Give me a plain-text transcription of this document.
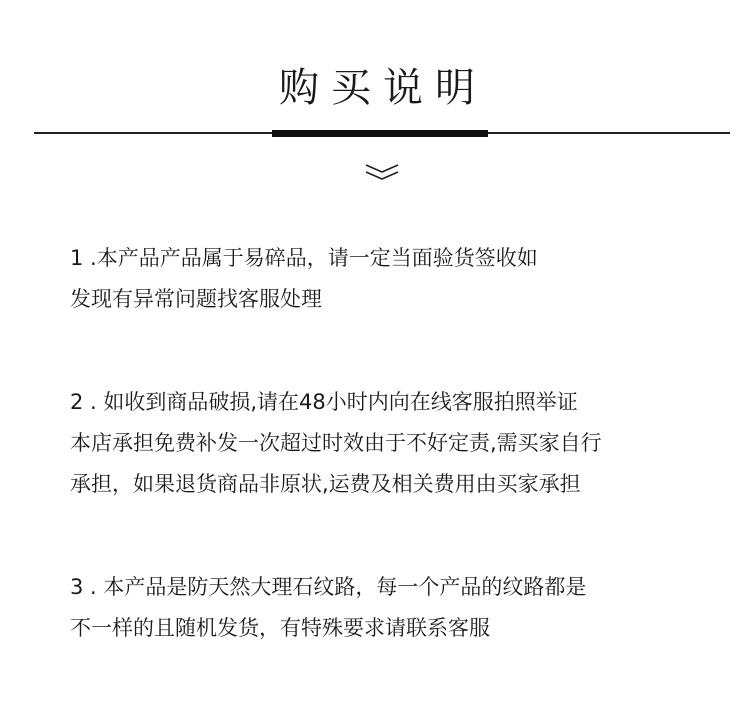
购买说明
1 .本产品产品属于易碎品，请一定当面验货签收如
发现有异常问题找客服处理
2 . 如收到商品破损,请在48小时内向在线客服拍照举证
本店承担免费补发一次超过时效由于不好定责,需买家自行
承担，如果退货商品非原状,运费及相关费用由买家承担
3 . 本产品是防天然大理石纹路，每一个产品的纹路都是
不一样的且随机发货，有特殊要求请联系客服
